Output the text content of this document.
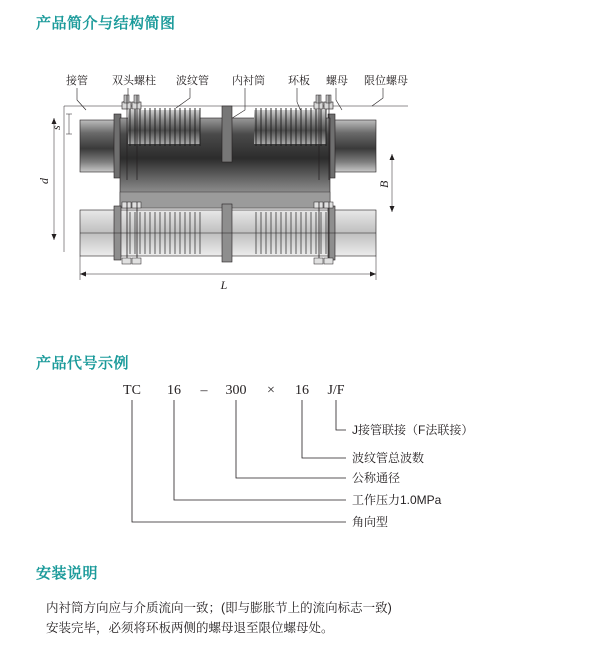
产品简介与结构简图
接管 双头螺柱 波纹管 内衬筒 环板 螺母 限位螺母
s
d	B
L
产品代号示例
TC 16 – 300 × 16 J/F
J接管联接（F法联接）
波纹管总波数
公称通径
工作压力1.0MPa
角向型
安装说明
内衬筒方向应与介质流向一致；(即与膨胀节上的流向标志一致)
安装完毕，必须将环板两侧的螺母退至限位螺母处。
